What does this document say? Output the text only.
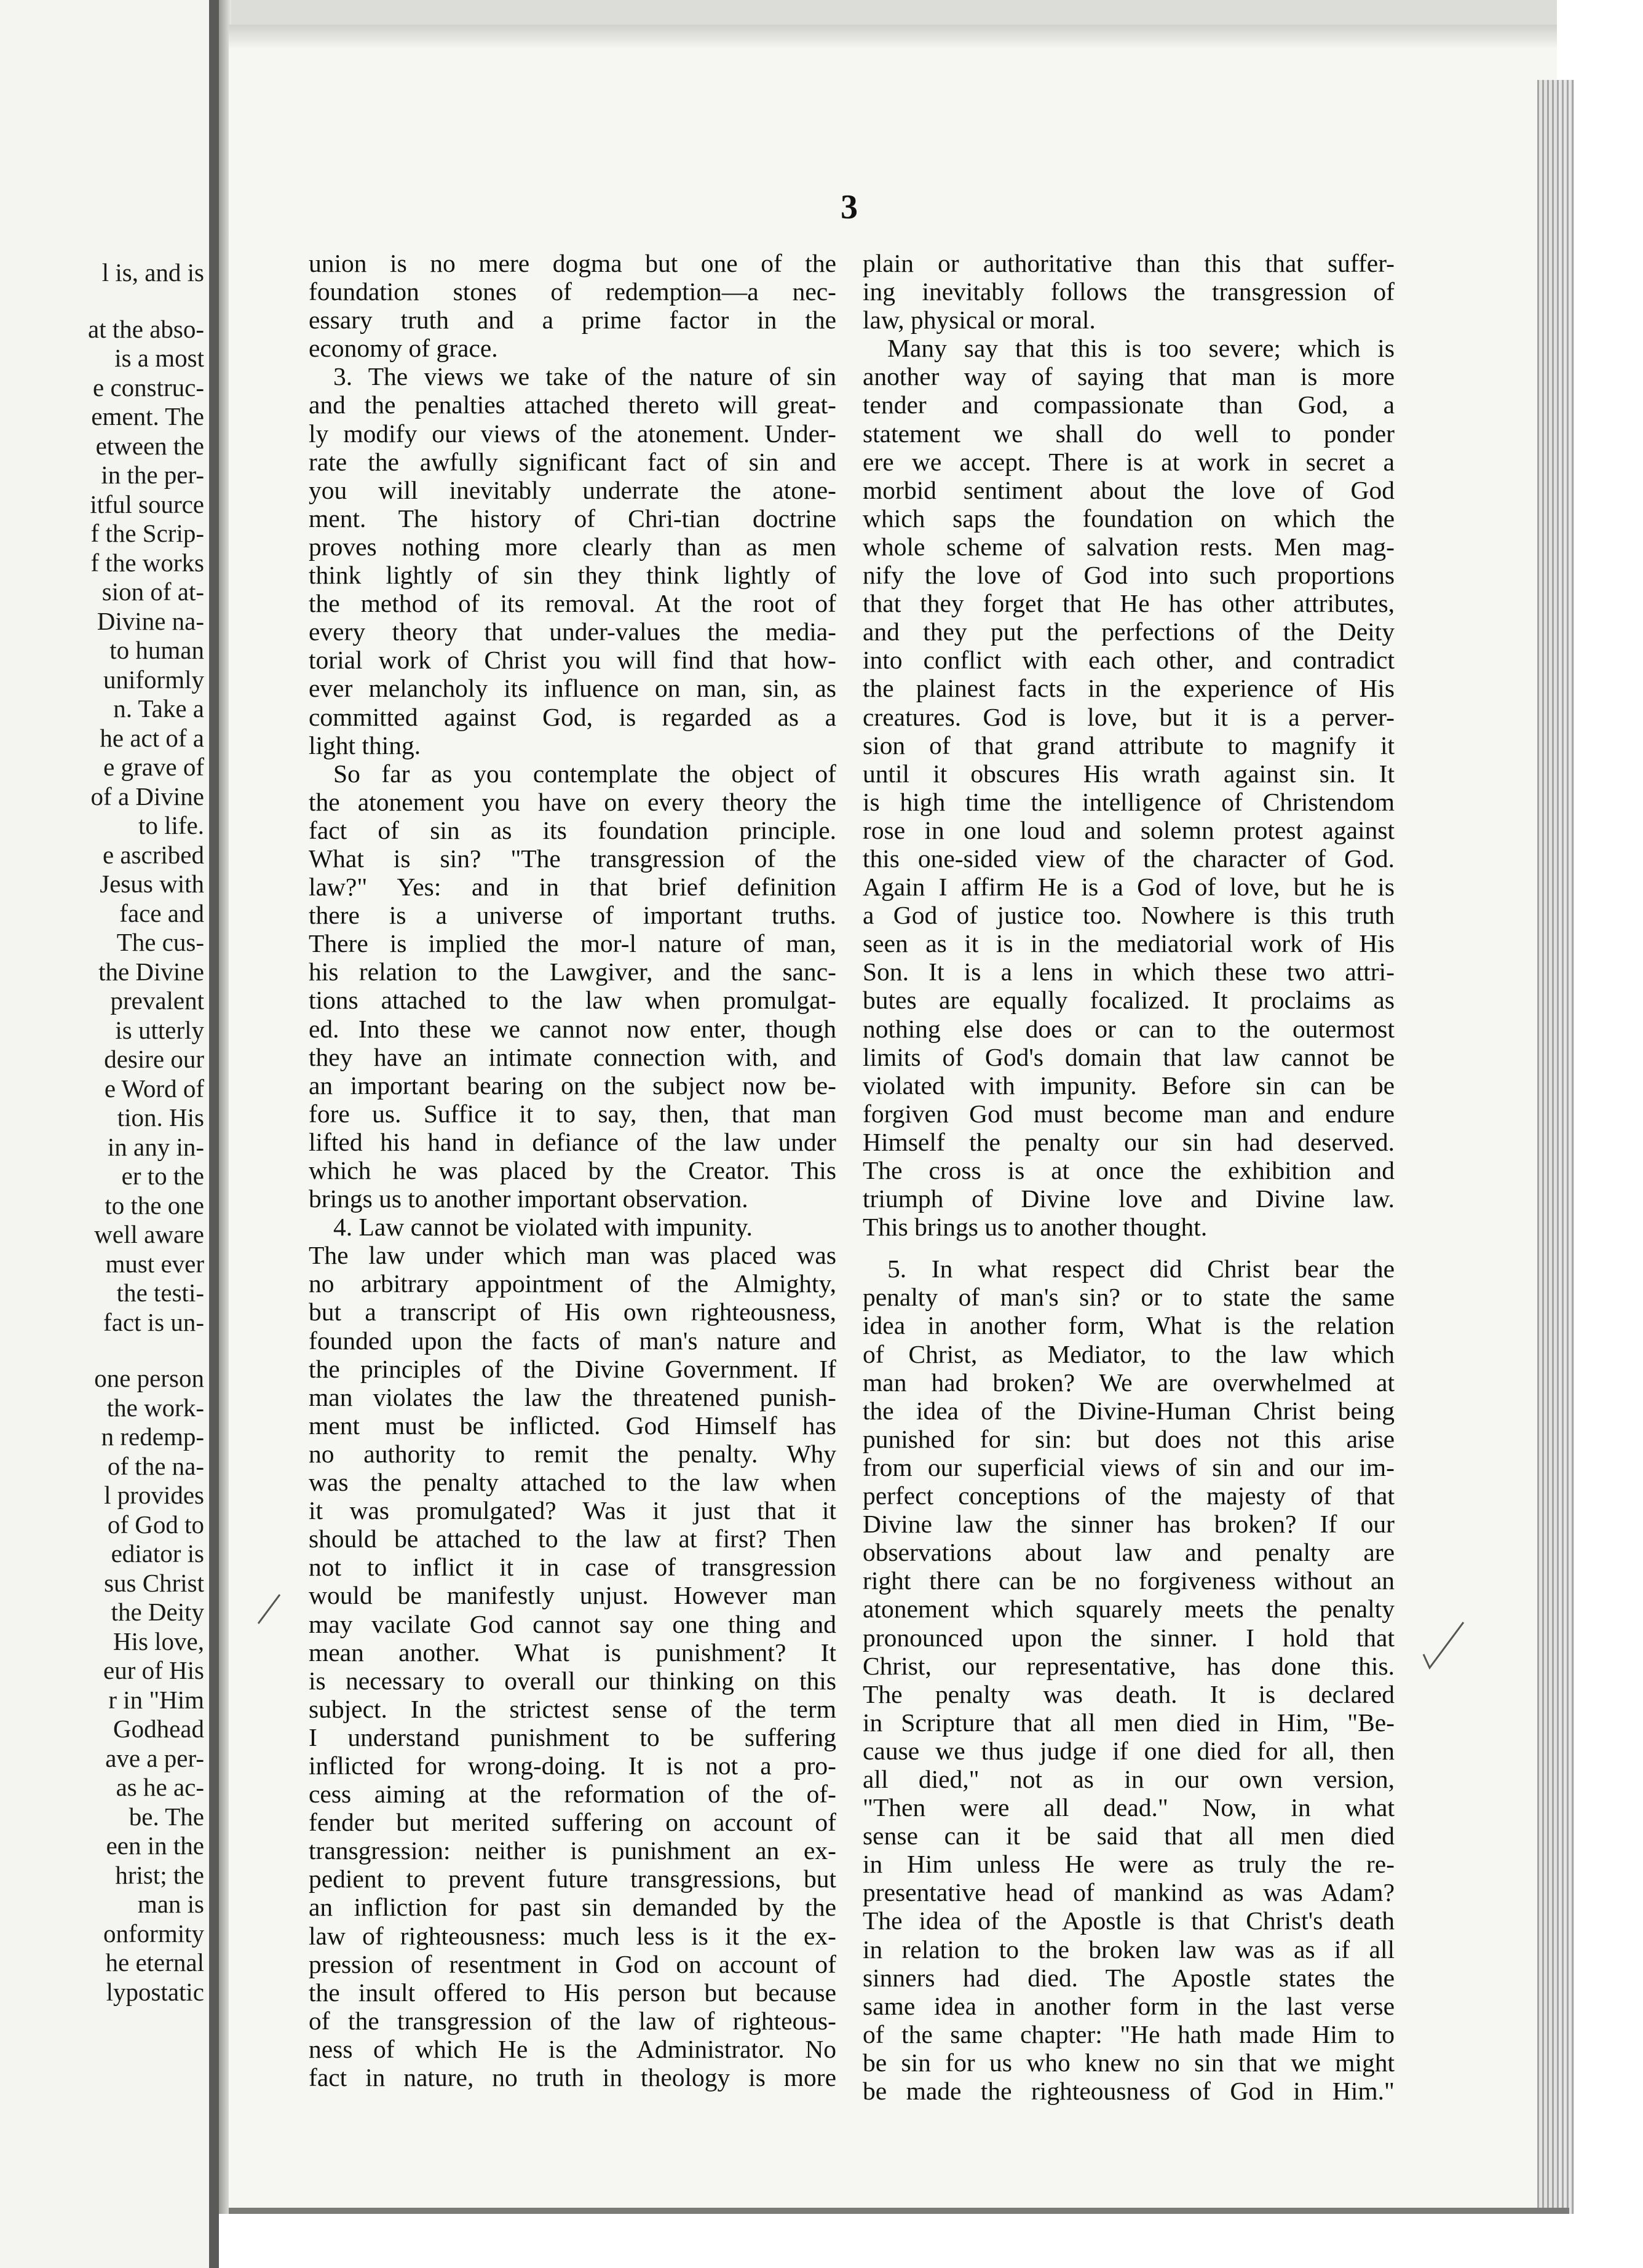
l is, and is
at the abso-
is a most
e construc-
ement. The
etween the
in the per-
itful source
f the Scrip-
f the works
sion of at-
Divine na-
to human
uniformly
n. Take a
he act of a
e grave of
of a Divine
to life.
e ascribed
Jesus with
face and
The cus-
the Divine
prevalent
is utterly
desire our
e Word of
tion. His
in any in-
er to the
to the one
well aware
must ever
the testi-
fact is un-
one person
the work-
n redemp-
of the na-
l provides
of God to
ediator is
sus Christ
the Deity
His love,
eur of His
r in "Him
Godhead
ave a per-
as he ac-
be. The
een in the
hrist; the
man is
onformity
he eternal
lypostatic
3
union is no mere dogma but one of the
foundation stones of redemption—a nec-
essary truth and a prime factor in the
economy of grace.
3. The views we take of the nature of sin
and the penalties attached thereto will great-
ly modify our views of the atonement. Under-
rate the awfully significant fact of sin and
you will inevitably underrate the atone-
ment. The history of Chri-tian doctrine
proves nothing more clearly than as men
think lightly of sin they think lightly of
the method of its removal. At the root of
every theory that under-values the media-
torial work of Christ you will find that how-
ever melancholy its influence on man, sin, as
committed against God, is regarded as a
light thing.
So far as you contemplate the object of
the atonement you have on every theory the
fact of sin as its foundation principle.
What is sin? "The transgression of the
law?" Yes: and in that brief definition
there is a universe of important truths.
There is implied the mor-l nature of man,
his relation to the Lawgiver, and the sanc-
tions attached to the law when promulgat-
ed. Into these we cannot now enter, though
they have an intimate connection with, and
an important bearing on the subject now be-
fore us. Suffice it to say, then, that man
lifted his hand in defiance of the law under
which he was placed by the Creator. This
brings us to another important observation.
4. Law cannot be violated with impunity.
The law under which man was placed was
no arbitrary appointment of the Almighty,
but a transcript of His own righteousness,
founded upon the facts of man's nature and
the principles of the Divine Government. If
man violates the law the threatened punish-
ment must be inflicted. God Himself has
no authority to remit the penalty. Why
was the penalty attached to the law when
it was promulgated? Was it just that it
should be attached to the law at first? Then
not to inflict it in case of transgression
would be manifestly unjust. However man
may vacilate God cannot say one thing and
mean another. What is punishment? It
is necessary to overall our thinking on this
subject. In the strictest sense of the term
I understand punishment to be suffering
inflicted for wrong-doing. It is not a pro-
cess aiming at the reformation of the of-
fender but merited suffering on account of
transgression: neither is punishment an ex-
pedient to prevent future transgressions, but
an infliction for past sin demanded by the
law of righteousness: much less is it the ex-
pression of resentment in God on account of
the insult offered to His person but because
of the transgression of the law of righteous-
ness of which He is the Administrator. No
fact in nature, no truth in theology is more
plain or authoritative than this that suffer-
ing inevitably follows the transgression of
law, physical or moral.
Many say that this is too severe; which is
another way of saying that man is more
tender and compassionate than God, a
statement we shall do well to ponder
ere we accept. There is at work in secret a
morbid sentiment about the love of God
which saps the foundation on which the
whole scheme of salvation rests. Men mag-
nify the love of God into such proportions
that they forget that He has other attributes,
and they put the perfections of the Deity
into conflict with each other, and contradict
the plainest facts in the experience of His
creatures. God is love, but it is a perver-
sion of that grand attribute to magnify it
until it obscures His wrath against sin. It
is high time the intelligence of Christendom
rose in one loud and solemn protest against
this one-sided view of the character of God.
Again I affirm He is a God of love, but he is
a God of justice too. Nowhere is this truth
seen as it is in the mediatorial work of His
Son. It is a lens in which these two attri-
butes are equally focalized. It proclaims as
nothing else does or can to the outermost
limits of God's domain that law cannot be
violated with impunity. Before sin can be
forgiven God must become man and endure
Himself the penalty our sin had deserved.
The cross is at once the exhibition and
triumph of Divine love and Divine law.
This brings us to another thought.
5. In what respect did Christ bear the
penalty of man's sin? or to state the same
idea in another form, What is the relation
of Christ, as Mediator, to the law which
man had broken? We are overwhelmed at
the idea of the Divine-Human Christ being
punished for sin: but does not this arise
from our superficial views of sin and our im-
perfect conceptions of the majesty of that
Divine law the sinner has broken? If our
observations about law and penalty are
right there can be no forgiveness without an
atonement which squarely meets the penalty
pronounced upon the sinner. I hold that
Christ, our representative, has done this.
The penalty was death. It is declared
in Scripture that all men died in Him, "Be-
cause we thus judge if one died for all, then
all died," not as in our own version,
"Then were all dead." Now, in what
sense can it be said that all men died
in Him unless He were as truly the re-
presentative head of mankind as was Adam?
The idea of the Apostle is that Christ's death
in relation to the broken law was as if all
sinners had died. The Apostle states the
same idea in another form in the last verse
of the same chapter: "He hath made Him to
be sin for us who knew no sin that we might
be made the righteousness of God in Him."
